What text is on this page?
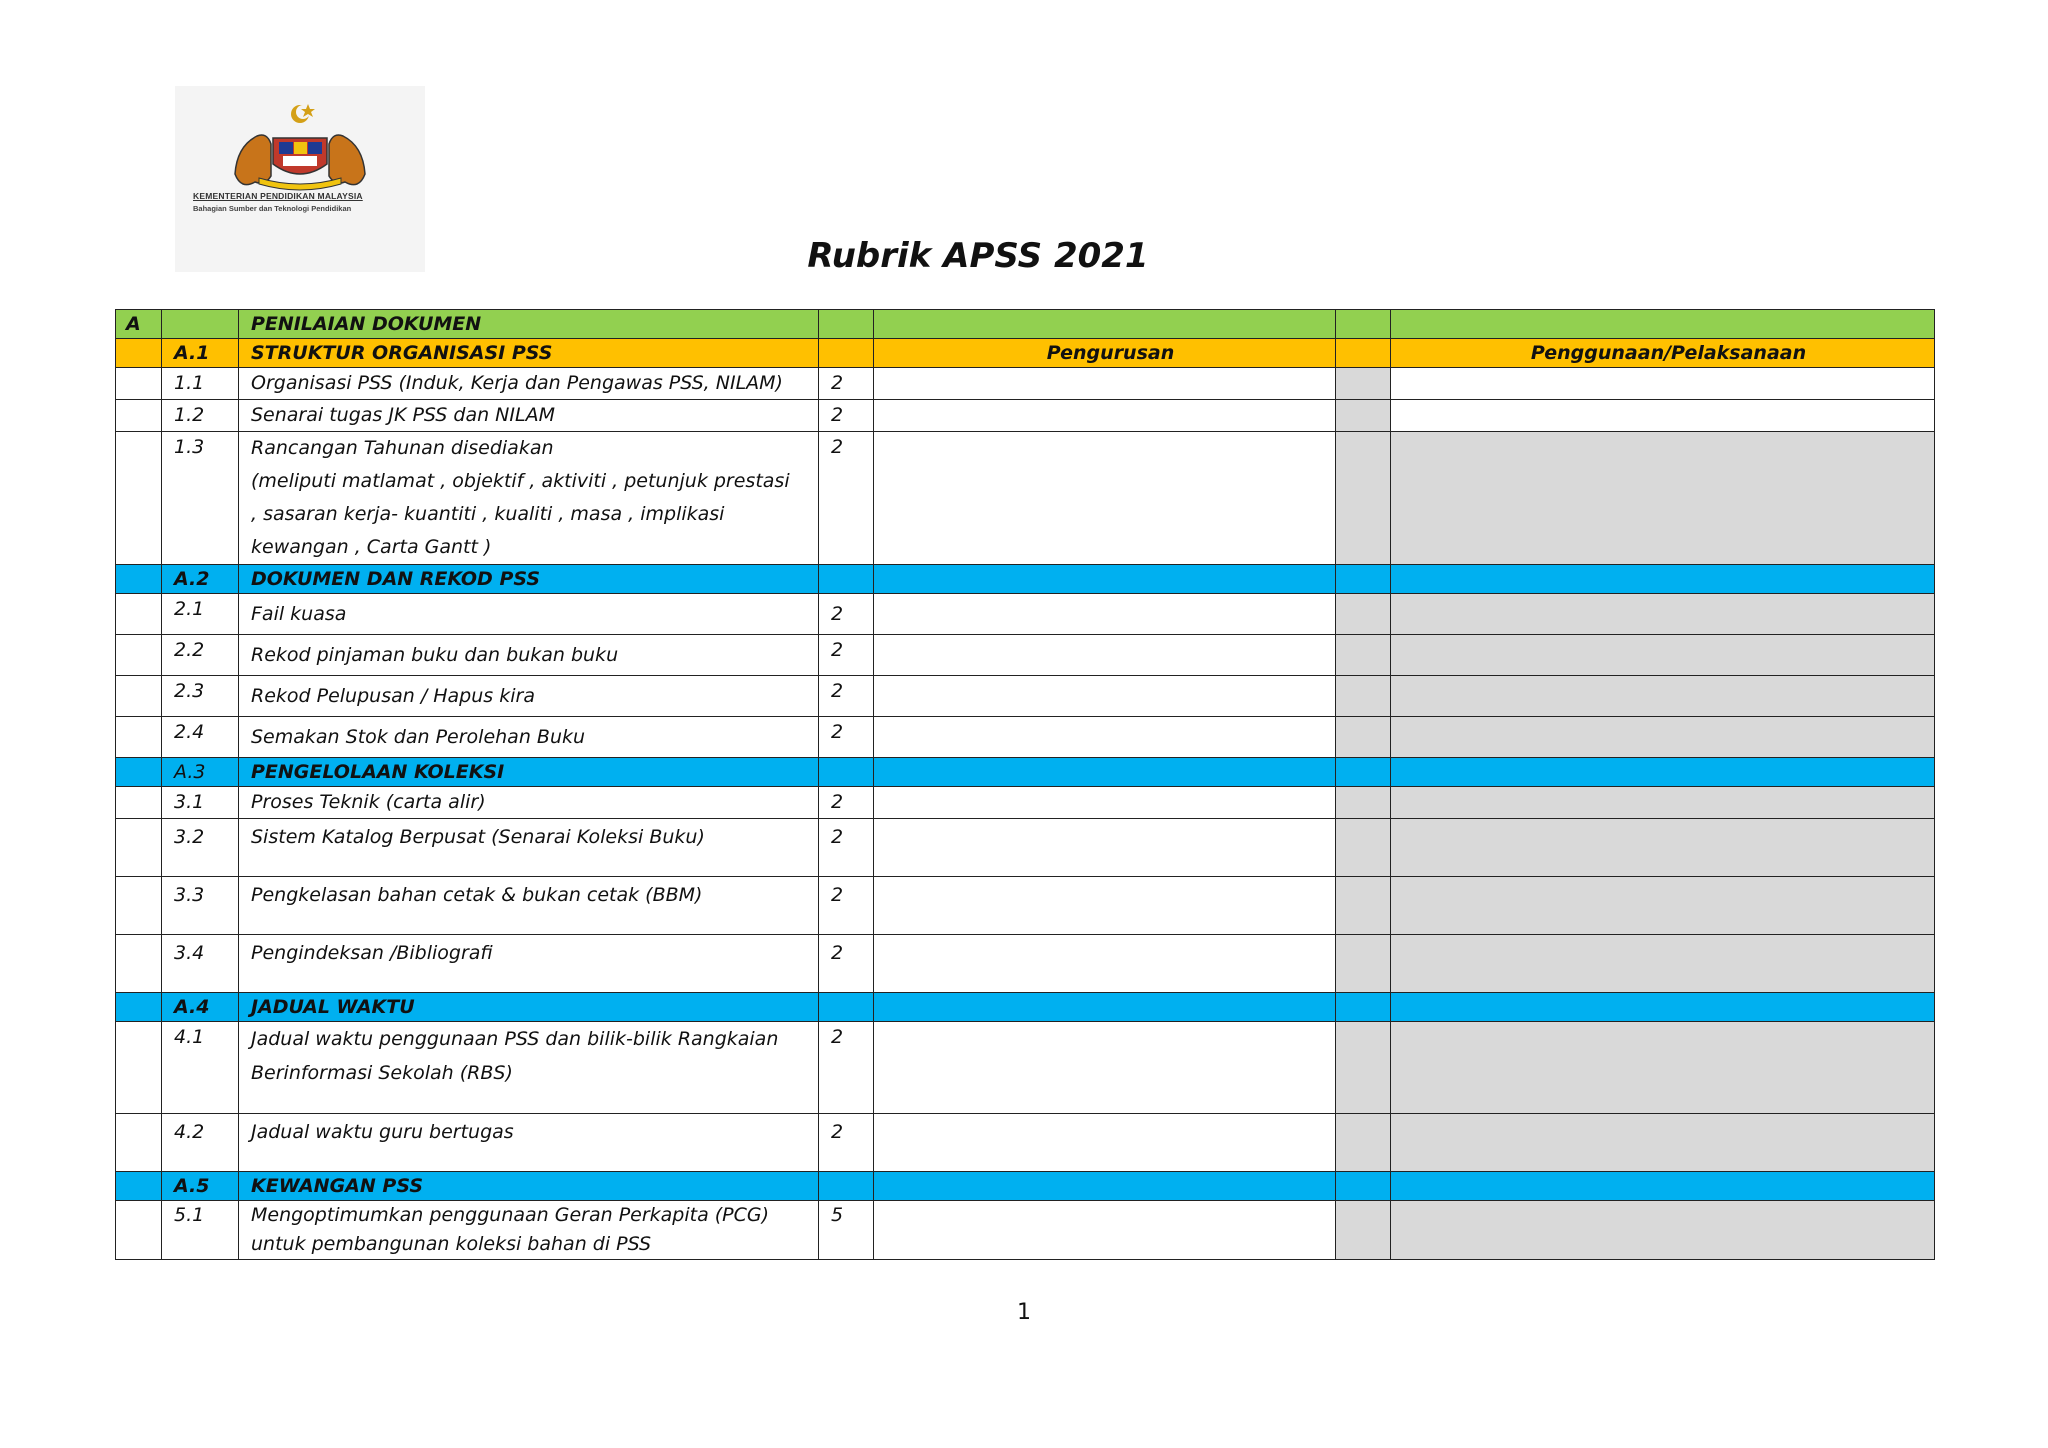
KEMENTERIAN PENDIDIKAN MALAYSIA
Bahagian Sumber dan Teknologi Pendidikan
Rubrik APSS 2021
A		PENILAIAN DOKUMEN				
	A.1	STRUKTUR ORGANISASI PSS		Pengurusan		Penggunaan/Pelaksanaan
	1.1	Organisasi PSS (Induk, Kerja dan Pengawas PSS, NILAM)	2			
	1.2	Senarai tugas JK PSS dan NILAM	2			
	1.3	Rancangan Tahunan disediakan
(meliputi matlamat , objektif , aktiviti , petunjuk prestasi , sasaran kerja- kuantiti , kualiti , masa , implikasi kewangan , Carta Gantt )	2			
	A.2	DOKUMEN DAN REKOD PSS				
	2.1	Fail kuasa	2			
	2.2	Rekod pinjaman buku dan bukan buku	2			
	2.3	Rekod Pelupusan / Hapus kira	2			
	2.4	Semakan Stok dan Perolehan Buku	2			
	A.3	PENGELOLAAN KOLEKSI				
	3.1	Proses Teknik (carta alir)	2			
	3.2	Sistem Katalog Berpusat (Senarai Koleksi Buku)	2			
	3.3	Pengkelasan bahan cetak & bukan cetak (BBM)	2			
	3.4	Pengindeksan /Bibliografi	2			
	A.4	JADUAL WAKTU				
	4.1	Jadual waktu penggunaan PSS dan bilik-bilik Rangkaian Berinformasi Sekolah (RBS)	2			
	4.2	Jadual waktu guru bertugas	2			
	A.5	KEWANGAN PSS				
	5.1	Mengoptimumkan penggunaan Geran Perkapita (PCG) untuk pembangunan koleksi bahan di PSS	5			
1
